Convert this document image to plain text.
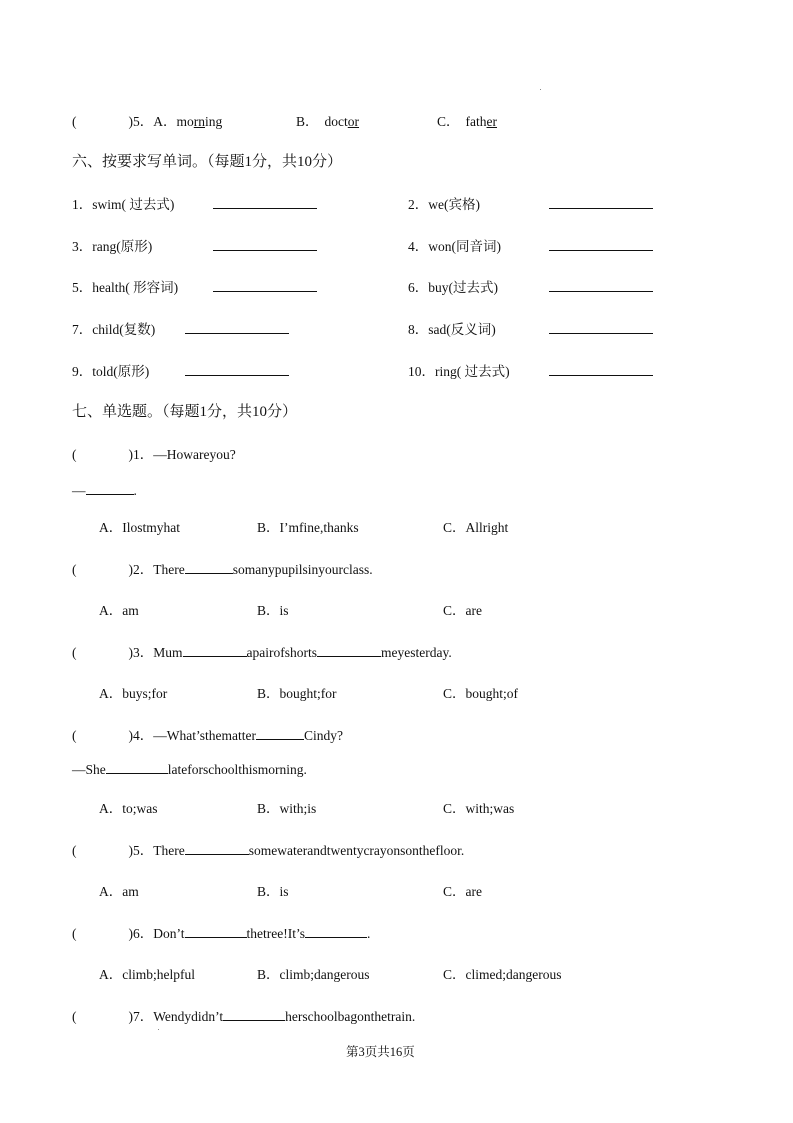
(	)5．A．morning	B． doctor	C． father
六、按要求写单词。（每题1分，共10分）
1．swim( 过去式)	2．we(宾格)
3．rang(原形)	4．won(同音词)
5．health( 形容词)	6．buy(过去式)
7．child(复数)	8．sad(反义词)
9．told(原形)	10．ring( 过去式)
七、单选题。（每题1分，共10分）
(	)1．—Howareyou?
—	.
A．Ilostmyhat	B．I’mfine,thanks	C．Allright
(	)2．There	somanypupilsinyourclass.
A．am	B．is	C．are
(	)3．Mum	apairofshorts	meyesterday.
A．buys;for	B．bought;for	C．bought;of
(	)4．—What’sthematter	Cindy?
—She	lateforschoolthismorning.
A．to;was	B．with;is	C．with;was
(	)5．There	somewaterandtwentycrayonsonthefloor.
A．am	B．is	C．are
(	)6．Don’t	thetree!It’s	.
A．climb;helpful	B．climb;dangerous	C．climed;dangerous
(	)7．Wendydidn’t	herschoolbagonthetrain.
第3页共16页
